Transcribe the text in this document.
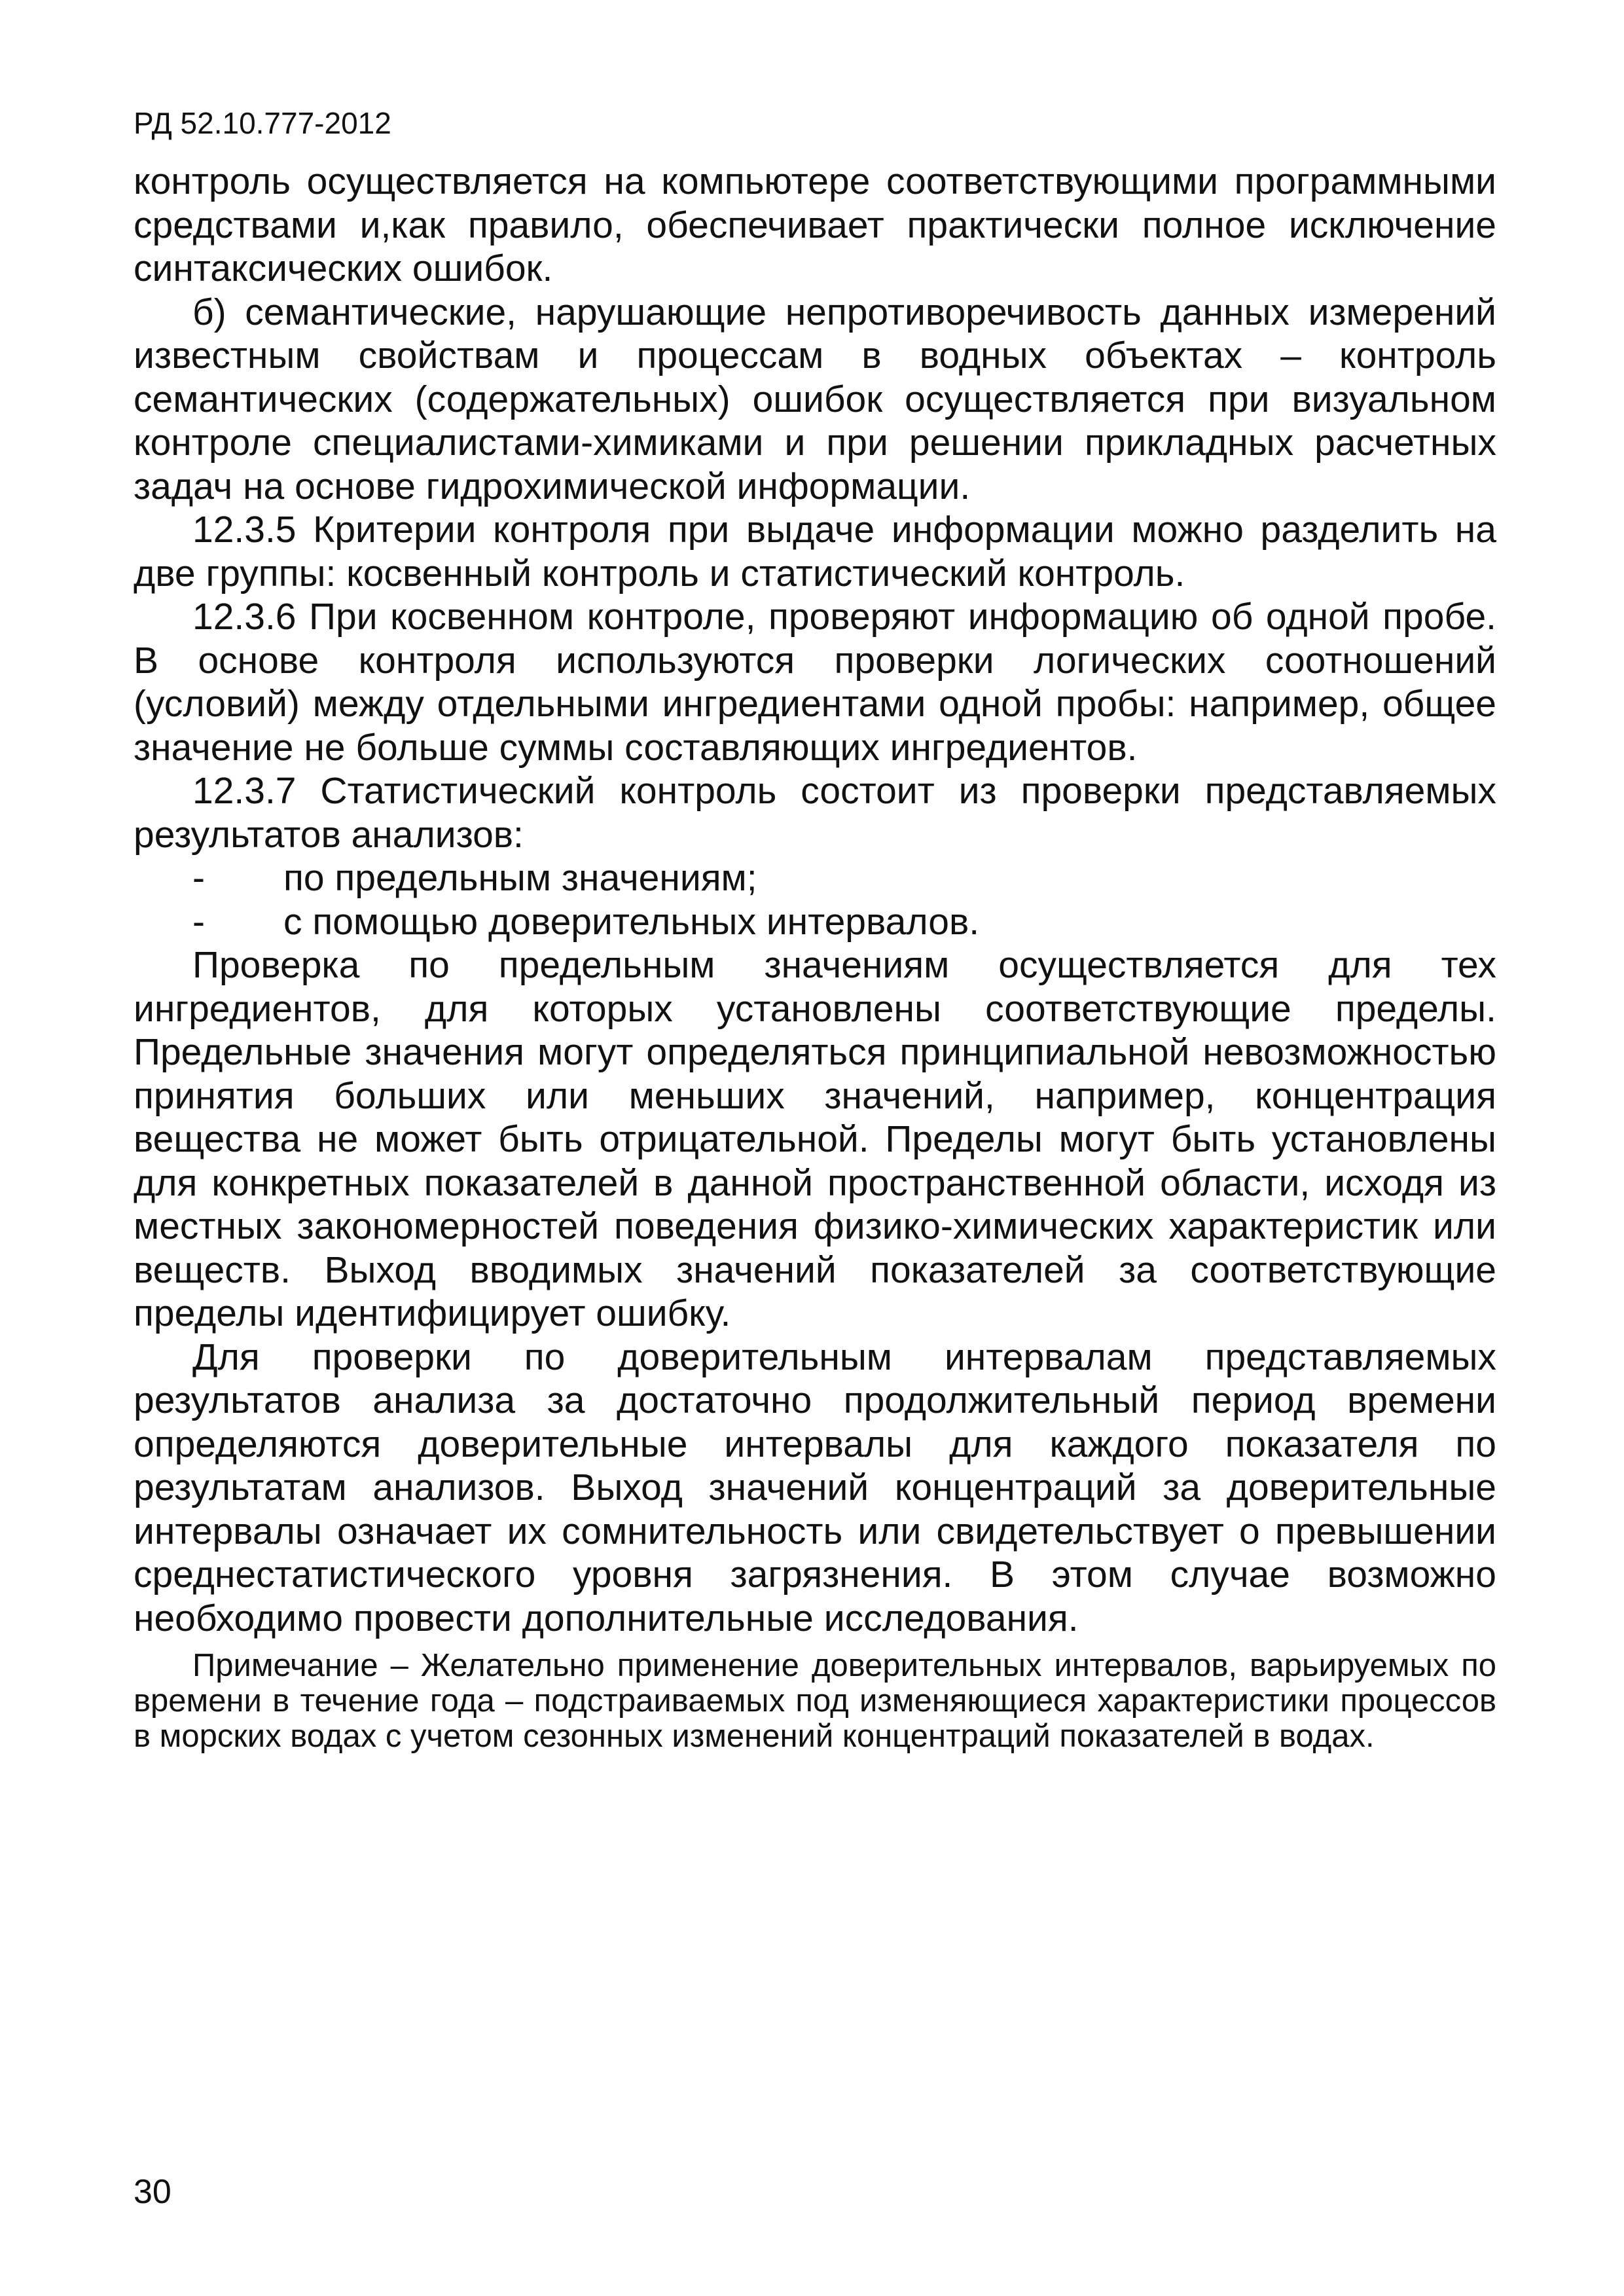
РД 52.10.777-2012

контроль осуществляется на компьютере соответствующими программными средствами и,как правило, обеспечивает практически полное исключение синтаксических ошибок.

б) семантические, нарушающие непротиворечивость данных измерений известным свойствам и процессам в водных объектах – контроль семантических (содержательных) ошибок осуществляется при визуальном контроле специалистами-химиками и при решении прикладных расчетных задач на основе гидрохимической информации.

12.3.5 Критерии контроля при выдаче информации можно разделить на две группы: косвенный контроль и статистический контроль.

12.3.6 При косвенном контроле, проверяют информацию об одной пробе. В основе контроля используются проверки логических соотношений (условий) между отдельными ингредиентами одной пробы: например, общее значение не больше суммы составляющих ингредиентов.

12.3.7 Статистический контроль состоит из проверки представляемых результатов анализов:

-	по предельным значениям;
-	с помощью доверительных интервалов.

Проверка по предельным значениям осуществляется для тех ингредиентов, для которых установлены соответствующие пределы. Предельные значения могут определяться принципиальной невозможностью принятия больших или меньших значений, например, концентрация вещества не может быть отрицательной. Пределы могут быть установлены для конкретных показателей в данной пространственной области, исходя из местных закономерностей поведения физико-химических характеристик или веществ. Выход вводимых значений показателей за соответствующие пределы идентифицирует ошибку.

Для проверки по доверительным интервалам представляемых результатов анализа за достаточно продолжительный период времени определяются доверительные интервалы для каждого показателя по результатам анализов. Выход значений концентраций за доверительные интервалы означает их сомнительность или свидетельствует о превышении среднестатистического уровня загрязнения. В этом случае возможно необходимо провести дополнительные исследования.

Примечание – Желательно применение доверительных интервалов, варьируемых по времени в течение года – подстраиваемых под изменяющиеся характеристики процессов в морских водах с учетом сезонных изменений концентраций показателей в водах.

30
